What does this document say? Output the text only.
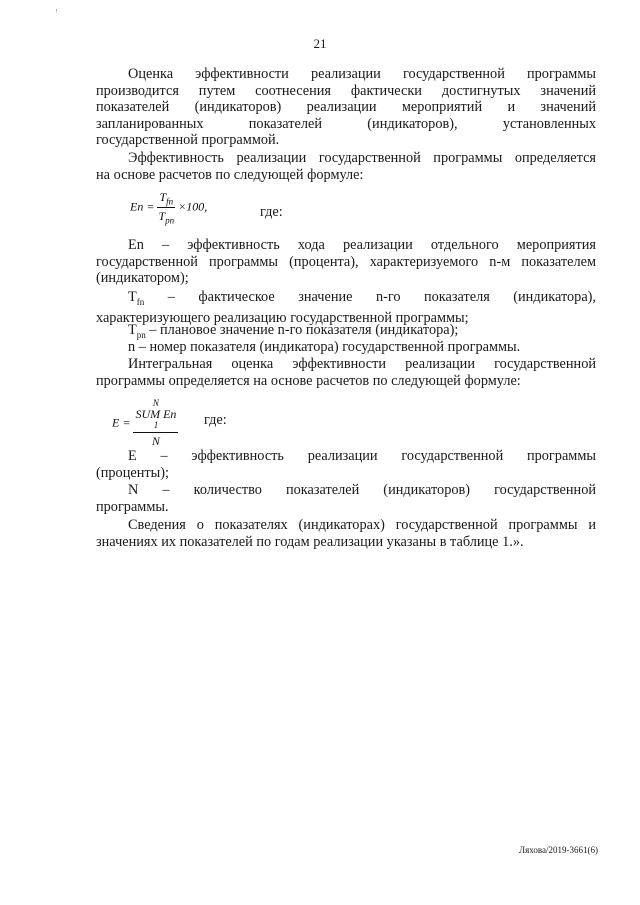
ᵎ
21
Оценка эффективности реализации государственной программы
производится путем соотнесения фактически достигнутых значений
показателей (индикаторов) реализации мероприятий и значений
запланированных показателей (индикаторов), установленных
государственной программой.
Эффективность реализации государственной программы определяется
на основе расчетов по следующей формуле:
$En = \frac{T_{fn}}{T_{pn}} \times 100$,	где:
Еn – эффективность хода реализации отдельного мероприятия
государственной программы (процента), характеризуемого n-м показателем
(индикатором);
$T_{fn}$ – фактическое значение n-го показателя (индикатора),
характеризующего реализацию государственной программы;
$T_{pn}$ – плановое значение n-го показателя (индикатора);
n – номер показателя (индикатора) государственной программы.
Интегральная оценка эффективности реализации государственной
программы определяется на основе расчетов по следующей формуле:
E = N
SUM En
1
N где:
Е – эффективность реализации государственной программы
(проценты);
N – количество показателей (индикаторов) государственной
программы.
Сведения о показателях (индикаторах) государственной программы и
значениях их показателей по годам реализации указаны в таблице 1.».
Ляхова/2019-3661(6)
